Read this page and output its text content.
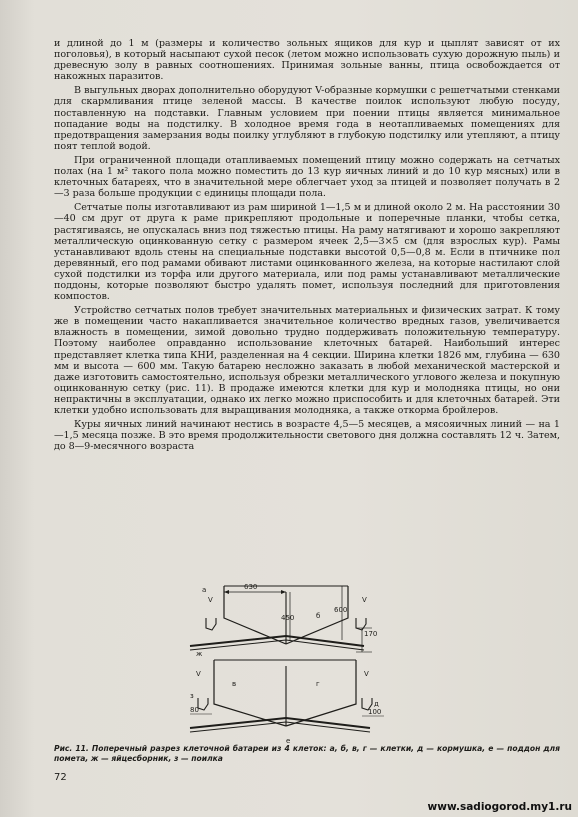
и длиной до 1 м (размеры и количество зольных ящиков для кур и цыплят зависят от их поголовья), в который насыпают сухой песок (летом можно использовать сухую дорожную пыль) и древесную золу в равных соотношениях. Принимая зольные ванны, птица освобождается от накожных паразитов.

В выгульных дворах дополнительно оборудуют V-образные кормушки с решетчатыми стенками для скармливания птице зеленой массы. В качестве поилок используют любую посуду, поставленную на подставки. Главным условием при поении птицы является минимальное попадание воды на подстилку. В холодное время года в неотапливаемых помещениях для предотвращения замерзания воды поилку углубляют в глубокую подстилку или утепляют, а птицу поят теплой водой.

При ограниченной площади отапливаемых помещений птицу можно содержать на сетчатых полах (на 1 м² такого пола можно поместить до 13 кур яичных линий и до 10 кур мясных) или в клеточных батареях, что в значительной мере облегчает уход за птицей и позволяет получать в 2—3 раза больше продукции с единицы площади пола.

Сетчатые полы изготавливают из рам шириной 1—1,5 м и длиной около 2 м. На расстоянии 30—40 см друг от друга к раме прикрепляют продольные и поперечные планки, чтобы сетка, растягиваясь, не опускалась вниз под тяжестью птицы. На раму натягивают и хорошо закрепляют металлическую оцинкованную сетку с размером ячеек 2,5—3×5 см (для взрослых кур). Рамы устанавливают вдоль стены на специальные подставки высотой 0,5—0,8 м. Если в птичнике пол деревянный, его под рамами обивают листами оцинкованного железа, на которые настилают слой сухой подстилки из торфа или другого материала, или под рамы устанавливают металлические поддоны, которые позволяют быстро удалять помет, используя последний для приготовления компостов.

Устройство сетчатых полов требует значительных материальных и физических затрат. К тому же в помещении часто накапливается значительное количество вредных газов, увеличивается влажность в помещении, зимой довольно трудно поддерживать положительную температуру. Поэтому наиболее оправданно использование клеточных батарей. Наибольший интерес представляет клетка типа КНИ, разделенная на 4 секции. Ширина клетки 1826 мм, глубина — 630 мм и высота — 600 мм. Такую батарею несложно заказать в любой механической мастерской и даже изготовить самостоятельно, используя обрезки металлического углового железа и покупную оцинкованную сетку (рис. 11). В продаже имеются клетки для кур и молодняка птицы, но они непрактичны в эксплуатации, однако их легко можно приспособить и для клеточных батарей. Эти клетки удобно использовать для выращивания молодняка, а также откорма бройлеров.

Куры яичных линий начинают нестись в возрасте 4,5—5 месяцев, а мясояичных линий — на 1—1,5 месяца позже. В это время продолжительности светового дня должна составлять 12 ч. Затем, до 8—9-месячного возраста

630
450
600
170
V
а
б
V
ж
80	100
V
в	г
V
д
е
з
Рис. 11. Поперечный разрез клеточной батареи из 4 клеток: а, б, в, г — клетки, д — кормушка, е — поддон для помета, ж — яйцесборник, з — поилка
72
www.sadiogorod.my1.ru
